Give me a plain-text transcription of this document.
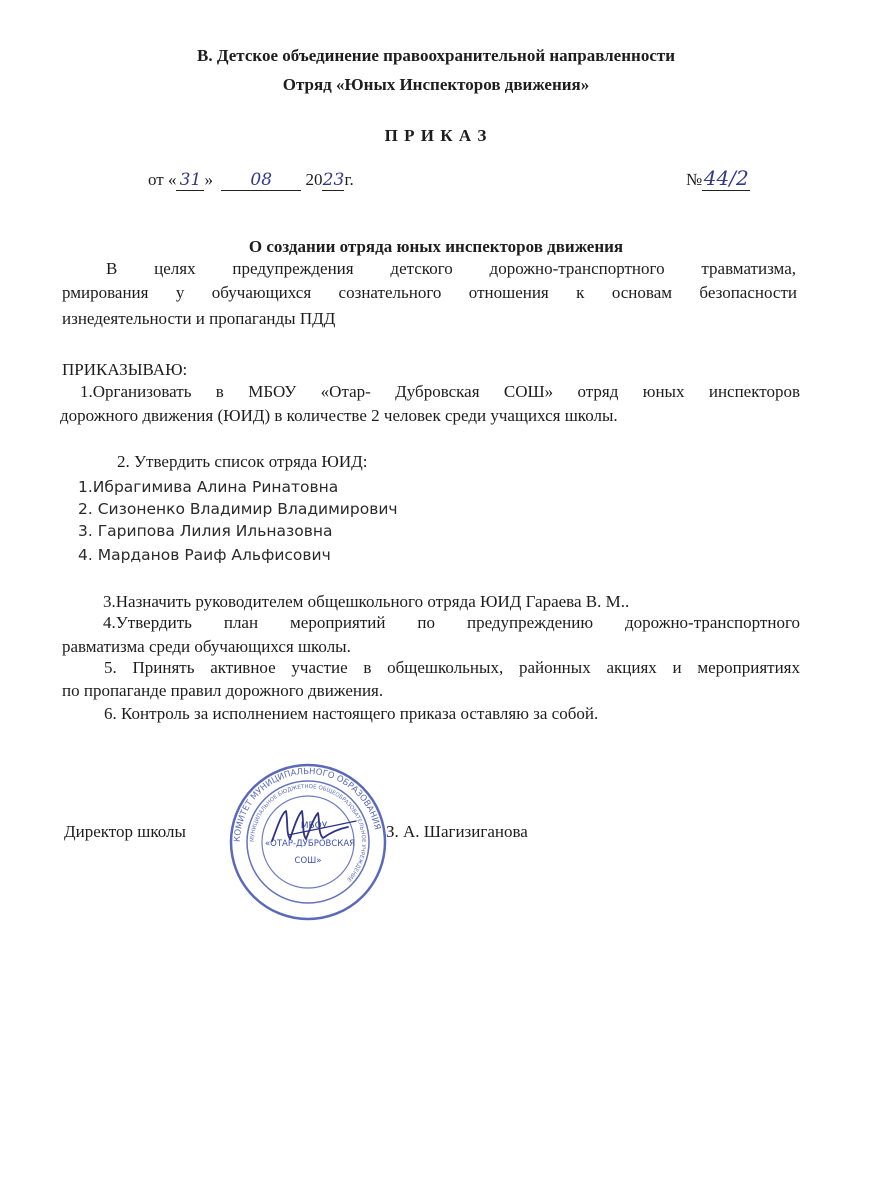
В. Детское объединение правоохранительной направленности
Отряд «Юных Инспекторов движения»
П Р И К А З
от « 31 » 08 2023г.	№44/2
О создании отряда юных инспекторов движения
В целях предупреждения детского дорожно-транспортного травматизма,
рмирования у обучающихся сознательного отношения к основам безопасности
изнедеятельности и пропаганды ПДД
ПРИКАЗЫВАЮ:
1.Организовать в МБОУ «Отар- Дубровская СОШ» отряд юных инспекторов
дорожного движения (ЮИД) в количестве 2 человек среди учащихся школы.
2. Утвердить список отряда ЮИД:
1.Ибрагимива Алина Ринатовна
2. Сизоненко Владимир Владимирович
3. Гарипова Лилия Ильназовна
4. Марданов Раиф Альфисович
3.Назначить руководителем общешкольного отряда ЮИД Гараева В. М..
4.Утвердить план мероприятий по предупреждению дорожно-транспортного
равматизма среди обучающихся школы.
5. Принять активное участие в общешкольных, районных акциях и мероприятиях
по пропаганде правил дорожного движения.
6. Контроль за исполнением настоящего приказа оставляю за собой.
Директор школы	З. А. Шагизиганова
КОМИТЕТ МУНИЦИПАЛЬНОГО ОБРАЗОВАНИЯ
МУНИЦИПАЛЬНОЕ БЮДЖЕТНОЕ ОБЩЕОБРАЗОВАТЕЛЬНОЕ УЧРЕЖДЕНИЕ
МБОУ
«ОТАР-ДУБРОВСКАЯ
СОШ»
